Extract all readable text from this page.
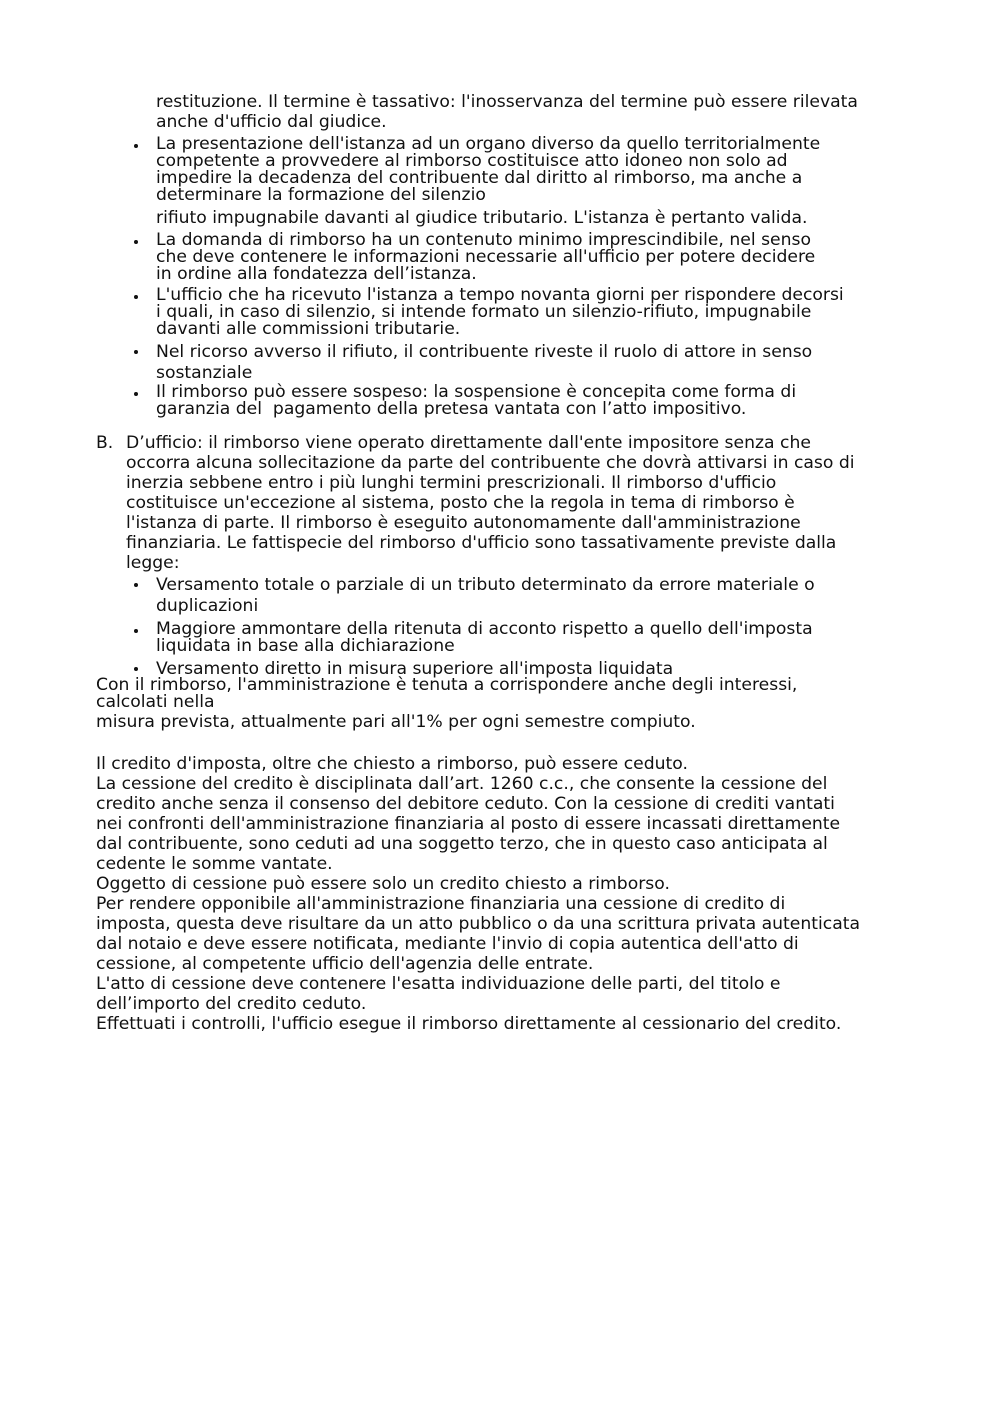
restituzione. Il termine è tassativo: l'inosservanza del termine può essere rilevata
anche d'ufficio dal giudice.
La presentazione dell'istanza ad un organo diverso da quello territorialmente
competente a provvedere al rimborso costituisce atto idoneo non solo ad
impedire la decadenza del contribuente dal diritto al rimborso, ma anche a
determinare la formazione del silenzio
rifiuto impugnabile davanti al giudice tributario. L'istanza è pertanto valida.
La domanda di rimborso ha un contenuto minimo imprescindibile, nel senso
che deve contenere le informazioni necessarie all'ufficio per potere decidere
in ordine alla fondatezza dell’istanza.
L'ufficio che ha ricevuto l'istanza a tempo novanta giorni per rispondere decorsi
i quali, in caso di silenzio, si intende formato un silenzio-rifiuto, impugnabile
davanti alle commissioni tributarie.
Nel ricorso avverso il rifiuto, il contribuente riveste il ruolo di attore in senso
sostanziale
Il rimborso può essere sospeso: la sospensione è concepita come forma di
garanzia del  pagamento della pretesa vantata con l’atto impositivo.
B. D’ufficio: il rimborso viene operato direttamente dall'ente impositore senza che
occorra alcuna sollecitazione da parte del contribuente che dovrà attivarsi in caso di
inerzia sebbene entro i più lunghi termini prescrizionali. Il rimborso d'ufficio
costituisce un'eccezione al sistema, posto che la regola in tema di rimborso è
l'istanza di parte. Il rimborso è eseguito autonomamente dall'amministrazione
finanziaria. Le fattispecie del rimborso d'ufficio sono tassativamente previste dalla
legge:
Versamento totale o parziale di un tributo determinato da errore materiale o
duplicazioni
Maggiore ammontare della ritenuta di acconto rispetto a quello dell'imposta
liquidata in base alla dichiarazione
Versamento diretto in misura superiore all'imposta liquidata
Con il rimborso, l'amministrazione è tenuta a corrispondere anche degli interessi,
calcolati nella
misura prevista, attualmente pari all'1% per ogni semestre compiuto.
Il credito d'imposta, oltre che chiesto a rimborso, può essere ceduto.
La cessione del credito è disciplinata dall’art. 1260 c.c., che consente la cessione del
credito anche senza il consenso del debitore ceduto. Con la cessione di crediti vantati
nei confronti dell'amministrazione finanziaria al posto di essere incassati direttamente
dal contribuente, sono ceduti ad una soggetto terzo, che in questo caso anticipata al
cedente le somme vantate.
Oggetto di cessione può essere solo un credito chiesto a rimborso.
Per rendere opponibile all'amministrazione finanziaria una cessione di credito di
imposta, questa deve risultare da un atto pubblico o da una scrittura privata autenticata
dal notaio e deve essere notificata, mediante l'invio di copia autentica dell'atto di
cessione, al competente ufficio dell'agenzia delle entrate.
L'atto di cessione deve contenere l'esatta individuazione delle parti, del titolo e
dell’importo del credito ceduto.
Effettuati i controlli, l'ufficio esegue il rimborso direttamente al cessionario del credito.
